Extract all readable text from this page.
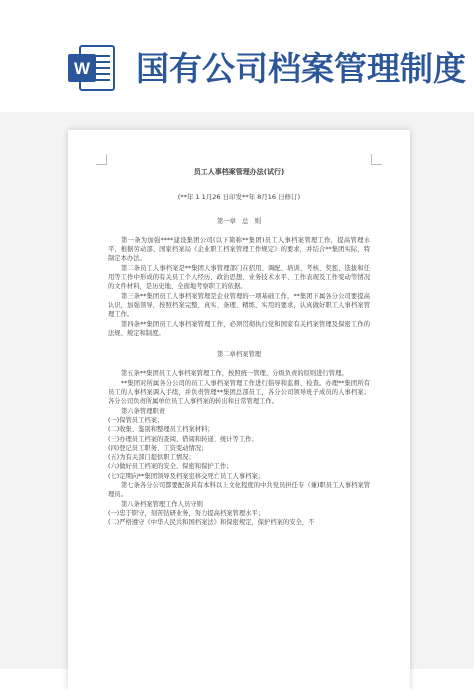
W 国有公司档案管理制度
员工人事档案管理办法(试行)
(**年 1 1月26 日印发**年 8月16 日修订)
第一章　总　则

第一条为加强****建设集团公司(以下简称**集团)员工人事档案管理工作，提高管理水平，根据劳动部、国家档案局《企业职工档案管理工作规定》的要求，并结合**集团实际，特制定本办法。

第二条员工人事档案是**集团人事管理部门在招用、调配、培训、考核、奖惩、选拔和任用等工作中形成的有关员工个人经历、政治思想、业务技术水平、工作表现及工作变动等情况的文件材料，是历史地、全面地考察职工的依据。

第三条**集团员工人事档案管理是企业管理的一项基础工作，**集团下属各分公司要提高认识，加强领导，按照档案完整、真实、条理、精练、实用的要求，认真做好职工人事档案管理工作。

第四条**集团员工人事档案管理工作，必须贯彻执行党和国家有关档案管理及保密工作的法规、规定和制度。

第二章档案管理

第五条**集团员工人事档案管理工作，按照统一管理、分级负责的原则进行管理。

**集团对所属各分公司的员工人事档案管理工作进行指导和监督、检查。办理**集团所有员工的人事档案调入手续，并负责管理**集团总部员工，各分公司领导班子成员的人事档案；各分公司负责所属单位员工人事档案的转出和日常管理工作。

第六条管理职责

(一)保管员工档案；

(二)收集、鉴别和整理员工档案材料；

(三)办理员工档案的查阅、借阅和转递、统计等工作；

(四)登记员工职务、工资变动情况；

(五)为有关部门提供职工情况；

(六)做好员工档案的安全、保密和保护工作；

(七)定期向**集团领导及档案室移交死亡员工人事档案；

第七条各分公司都要配备具有本科以上文化程度的中共党员担任专（兼)职员工人事档案管理员。

第八条档案管理工作人员守则

(一)忠于职守，刻苦钻研业务，努力提高档案管理水平；

(二)严格遵守《中华人民共和国档案法》和保密规定，保护档案的安全，不
